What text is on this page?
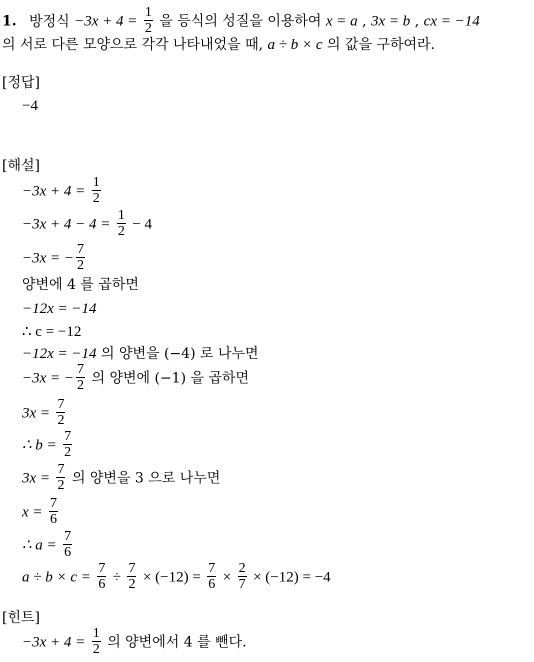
1. 방정식 $-3x + 4 = \frac{1}{2}$ 을 등식의 성질을 이용하여 x = a , 3x = b , cx = −14
의 서로 다른 모양으로 각각 나타내었을 때, a ÷ b × c 의 값을 구하여라.
[정답]
−4
[해설]
$-3x + 4 = \frac{1}{2}$
$-3x + 4 - 4 = \frac{1}{2} - 4$
−3x = − $\frac{7}{2}$
양변에 4 를 곱하면
−12x = −14
∴ c = −12
−12x = −14 의 양변을 (−4) 로 나누면
−3x = − $\frac{7}{2}$ 의 양변에 (−1) 을 곱하면
$3x = \frac{7}{2}$
∴ $b = \frac{7}{2}$
$3x = \frac{7}{2}$ 의 양변을 3 으로 나누면
$x = \frac{7}{6}$
∴ $a = \frac{7}{6}$
$a \div b \times c = \frac{7}{6} \div \frac{7}{2} \times (-12) = \frac{7}{6} \times \frac{2}{7} \times (-12) = -4$
[힌트]
$-3x + 4 = \frac{1}{2}$ 의 양변에서 4 를 뺀다.
